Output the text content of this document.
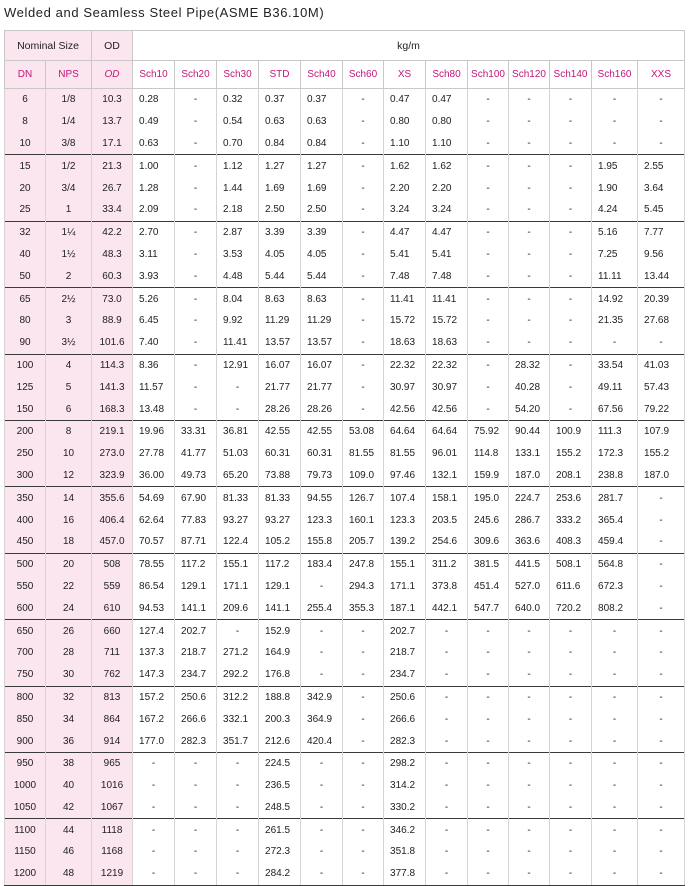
Welded and Seamless Steel Pipe(ASME B36.10M)
Nominal Size		OD	kg/m												
DN	NPS	OD	Sch10	Sch20	Sch30	STD	Sch40	Sch60	XS	Sch80	Sch100	Sch120	Sch140	Sch160	XXS
6	1/8	10.3	0.28	-	0.32	0.37	0.37	-	0.47	0.47	-	-	-	-	-
8	1/4	13.7	0.49	-	0.54	0.63	0.63	-	0.80	0.80	-	-	-	-	-
10	3/8	17.1	0.63	-	0.70	0.84	0.84	-	1.10	1.10	-	-	-	-	-
15	1/2	21.3	1.00	-	1.12	1.27	1.27	-	1.62	1.62	-	-	-	1.95	2.55
20	3/4	26.7	1.28	-	1.44	1.69	1.69	-	2.20	2.20	-	-	-	1.90	3.64
25	1	33.4	2.09	-	2.18	2.50	2.50	-	3.24	3.24	-	-	-	4.24	5.45
32	1¼	42.2	2.70	-	2.87	3.39	3.39	-	4.47	4.47	-	-	-	5.16	7.77
40	1½	48.3	3.11	-	3.53	4.05	4.05	-	5.41	5.41	-	-	-	7.25	9.56
50	2	60.3	3.93	-	4.48	5.44	5.44	-	7.48	7.48	-	-	-	11.11	13.44
65	2½	73.0	5.26	-	8.04	8.63	8.63	-	11.41	11.41	-	-	-	14.92	20.39
80	3	88.9	6.45	-	9.92	11.29	11.29	-	15.72	15.72	-	-	-	21.35	27.68
90	3½	101.6	7.40	-	11.41	13.57	13.57	-	18.63	18.63	-	-	-	-	-
100	4	114.3	8.36	-	12.91	16.07	16.07	-	22.32	22.32	-	28.32	-	33.54	41.03
125	5	141.3	11.57	-	-	21.77	21.77	-	30.97	30.97	-	40.28	-	49.11	57.43
150	6	168.3	13.48	-	-	28.26	28.26	-	42.56	42.56	-	54.20	-	67.56	79.22
200	8	219.1	19.96	33.31	36.81	42.55	42.55	53.08	64.64	64.64	75.92	90.44	100.9	111.3	107.9
250	10	273.0	27.78	41.77	51.03	60.31	60.31	81.55	81.55	96.01	114.8	133.1	155.2	172.3	155.2
300	12	323.9	36.00	49.73	65.20	73.88	79.73	109.0	97.46	132.1	159.9	187.0	208.1	238.8	187.0
350	14	355.6	54.69	67.90	81.33	81.33	94.55	126.7	107.4	158.1	195.0	224.7	253.6	281.7	-
400	16	406.4	62.64	77.83	93.27	93.27	123.3	160.1	123.3	203.5	245.6	286.7	333.2	365.4	-
450	18	457.0	70.57	87.71	122.4	105.2	155.8	205.7	139.2	254.6	309.6	363.6	408.3	459.4	-
500	20	508	78.55	117.2	155.1	117.2	183.4	247.8	155.1	311.2	381.5	441.5	508.1	564.8	-
550	22	559	86.54	129.1	171.1	129.1	-	294.3	171.1	373.8	451.4	527.0	611.6	672.3	-
600	24	610	94.53	141.1	209.6	141.1	255.4	355.3	187.1	442.1	547.7	640.0	720.2	808.2	-
650	26	660	127.4	202.7	-	152.9	-	-	202.7	-	-	-	-	-	-
700	28	711	137.3	218.7	271.2	164.9	-	-	218.7	-	-	-	-	-	-
750	30	762	147.3	234.7	292.2	176.8	-	-	234.7	-	-	-	-	-	-
800	32	813	157.2	250.6	312.2	188.8	342.9	-	250.6	-	-	-	-	-	-
850	34	864	167.2	266.6	332.1	200.3	364.9	-	266.6	-	-	-	-	-	-
900	36	914	177.0	282.3	351.7	212.6	420.4	-	282.3	-	-	-	-	-	-
950	38	965	-	-	-	224.5	-	-	298.2	-	-	-	-	-	-
1000	40	1016	-	-	-	236.5	-	-	314.2	-	-	-	-	-	-
1050	42	1067	-	-	-	248.5	-	-	330.2	-	-	-	-	-	-
1100	44	1118	-	-	-	261.5	-	-	346.2	-	-	-	-	-	-
1150	46	1168	-	-	-	272.3	-	-	351.8	-	-	-	-	-	-
1200	48	1219	-	-	-	284.2	-	-	377.8	-	-	-	-	-	-
